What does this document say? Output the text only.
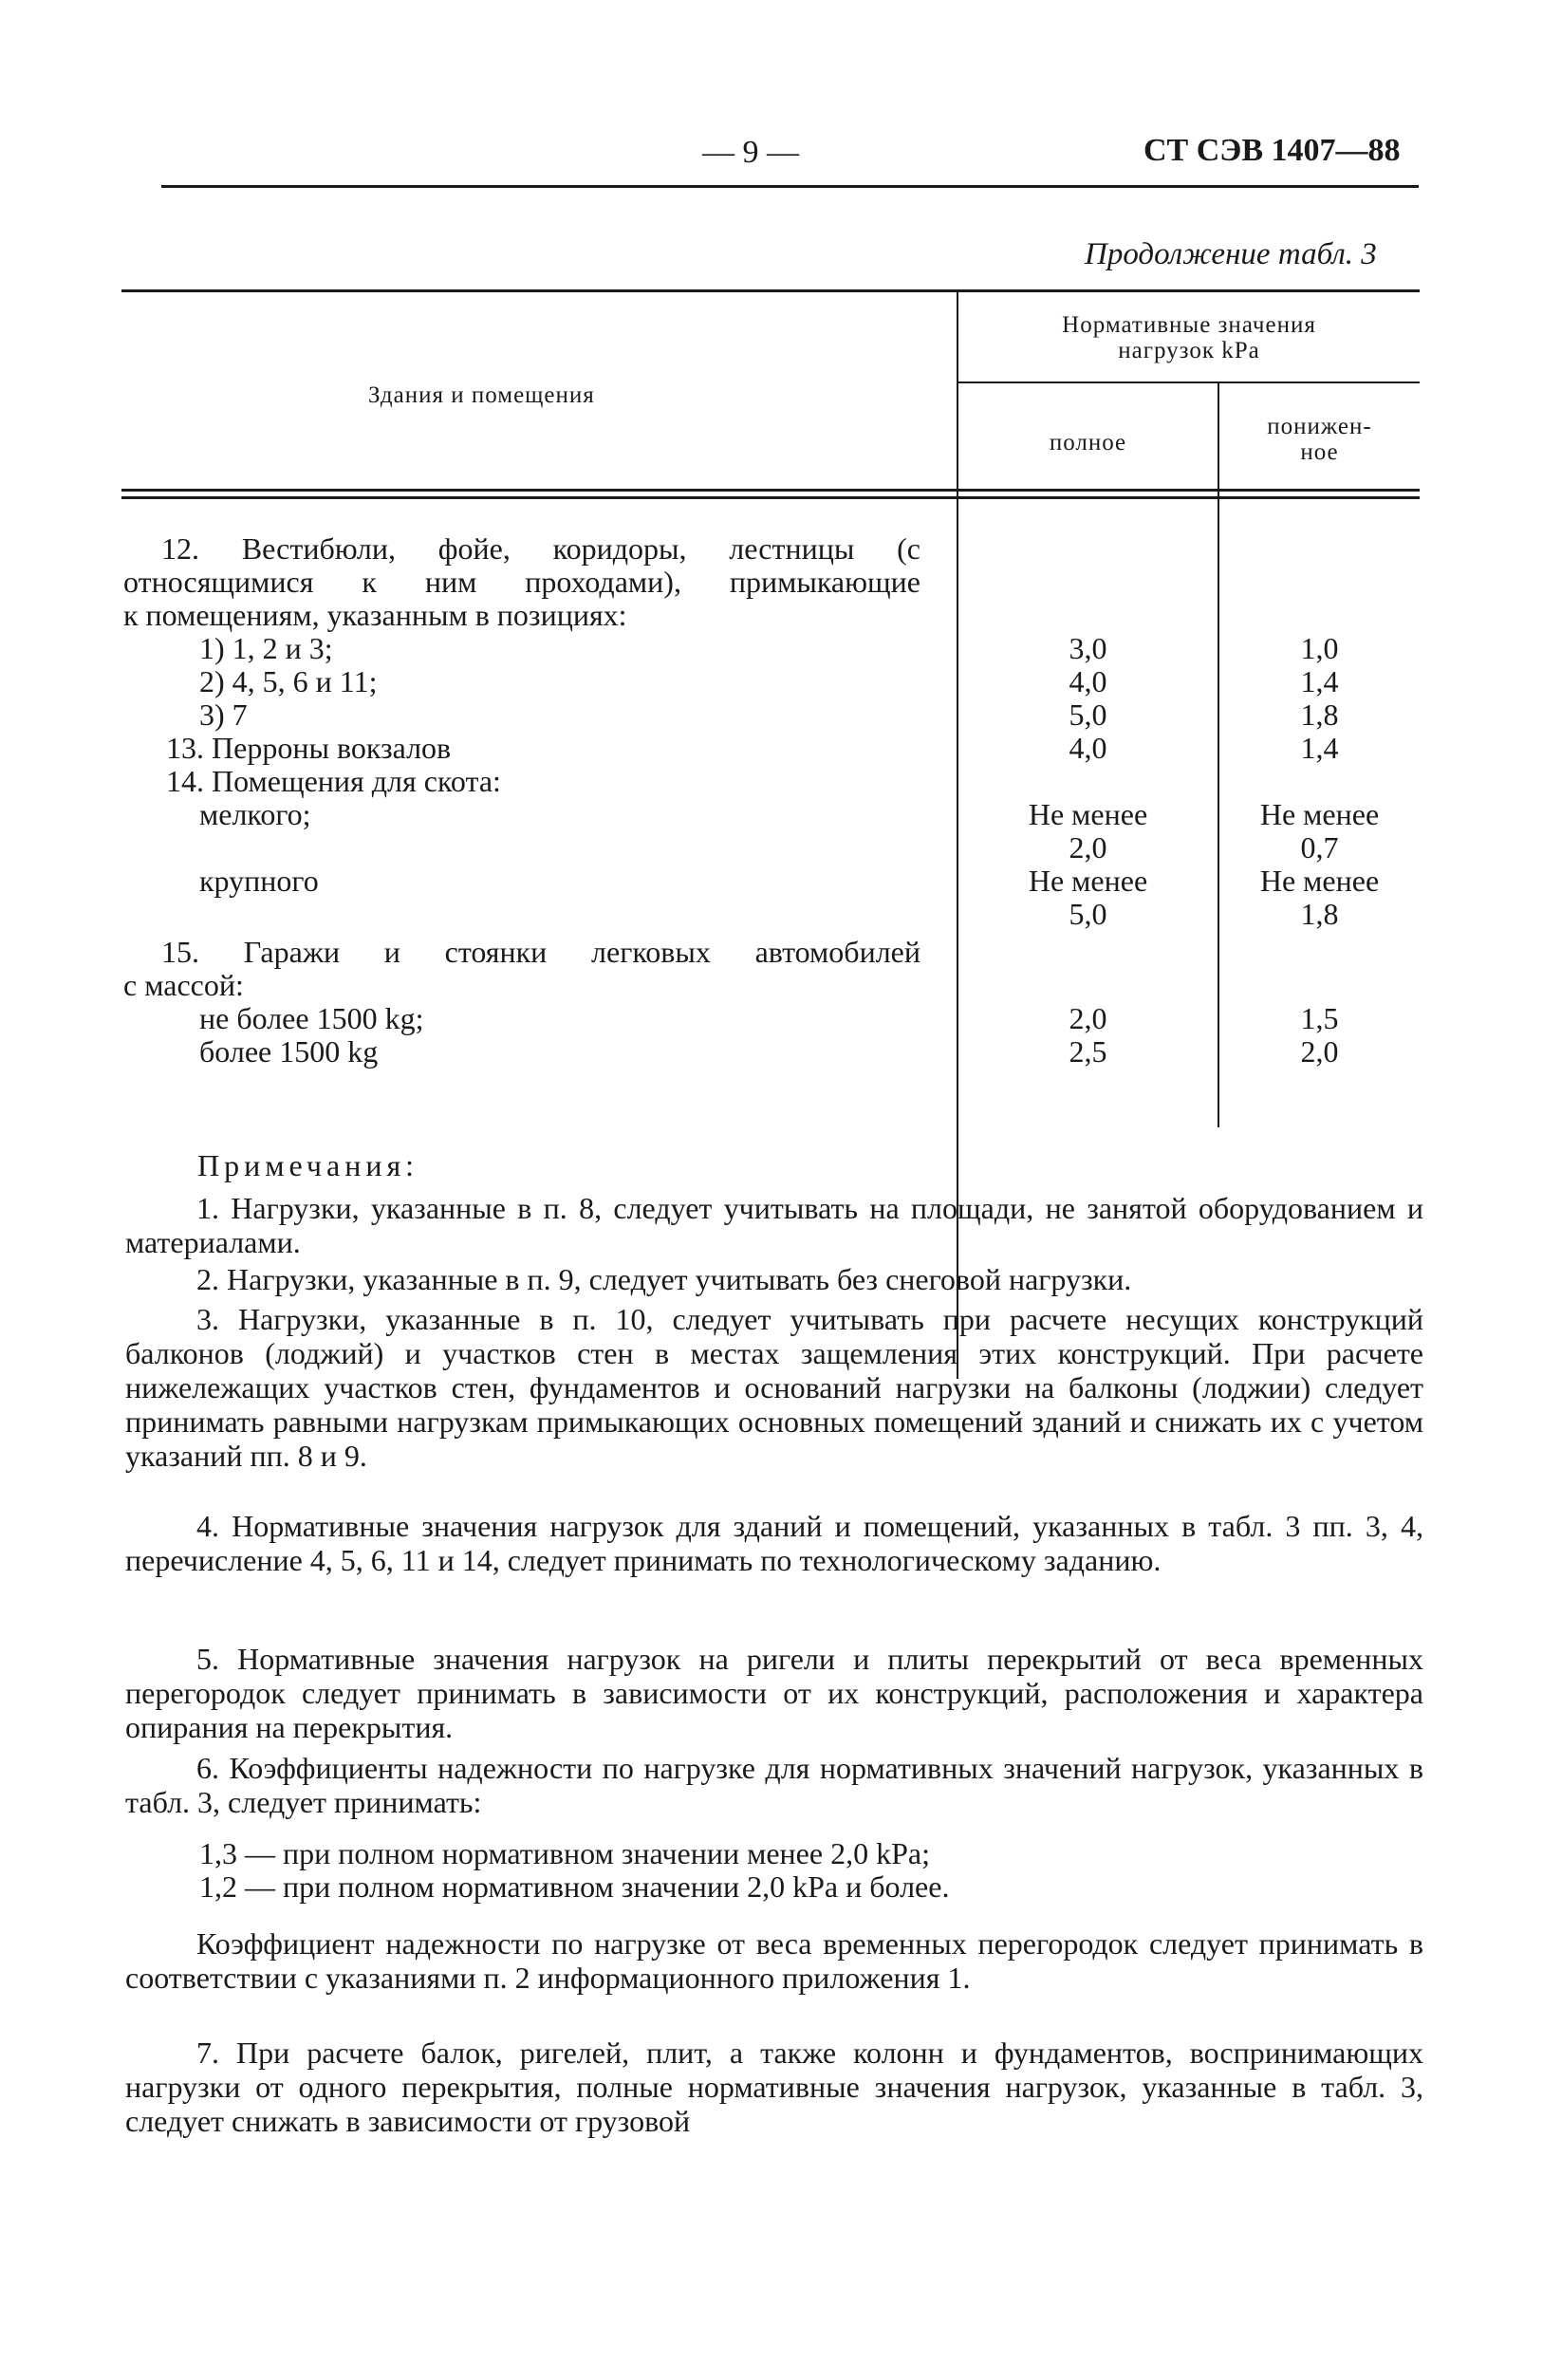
— 9 —	СТ СЭВ 1407—88
Продолжение табл. 3
Здания и помещения
Нормативные значения
нагрузок kPa
полное
понижен-
ное
12. Вестибюли, фойе, коридоры, лестницы (с
относящимися к ним проходами), примыкающие
к помещениям, указанным в позициях:
1) 1, 2 и 3;	3,0	1,0
2) 4, 5, 6 и 11;	4,0	1,4
3) 7	5,0	1,8
13. Перроны вокзалов	4,0	1,4
14. Помещения для скота:
мелкого;	Не менее	Не менее
2,0	0,7
крупного	Не менее	Не менее
5,0	1,8
15. Гаражи и стоянки легковых автомобилей
с массой:
не более 1500 kg;	2,0	1,5
более 1500 kg	2,5	2,0
Примечания:
1. Нагрузки, указанные в п. 8, следует учитывать на площади, не занятой оборудованием и материалами.
2. Нагрузки, указанные в п. 9, следует учитывать без снеговой нагрузки.
3. Нагрузки, указанные в п. 10, следует учитывать при расчете несущих конструкций балконов (лоджий) и участков стен в местах защемления этих конструкций. При расчете нижележащих участков стен, фундаментов и оснований нагрузки на балконы (лоджии) следует принимать равными нагрузкам примыкающих основных помещений зданий и снижать их с учетом указаний пп. 8 и 9.
4. Нормативные значения нагрузок для зданий и помещений, указанных в табл. 3 пп. 3, 4, перечисление 4, 5, 6, 11 и 14, следует принимать по технологическому заданию.
5. Нормативные значения нагрузок на ригели и плиты перекрытий от веса временных перегородок следует принимать в зависимости от их конструкций, расположения и характера опирания на перекрытия.
6. Коэффициенты надежности по нагрузке для нормативных значений нагрузок, указанных в табл. 3, следует принимать:
1,3 — при полном нормативном значении менее 2,0 kPa;
1,2 — при полном нормативном значении 2,0 kPa и более.
Коэффициент надежности по нагрузке от веса временных перегородок следует принимать в соответствии с указаниями п. 2 информационного приложения 1.
7. При расчете балок, ригелей, плит, а также колонн и фундаментов, воспринимающих нагрузки от одного перекрытия, полные нормативные значения нагрузок, указанные в табл. 3, следует снижать в зависимости от грузовой
